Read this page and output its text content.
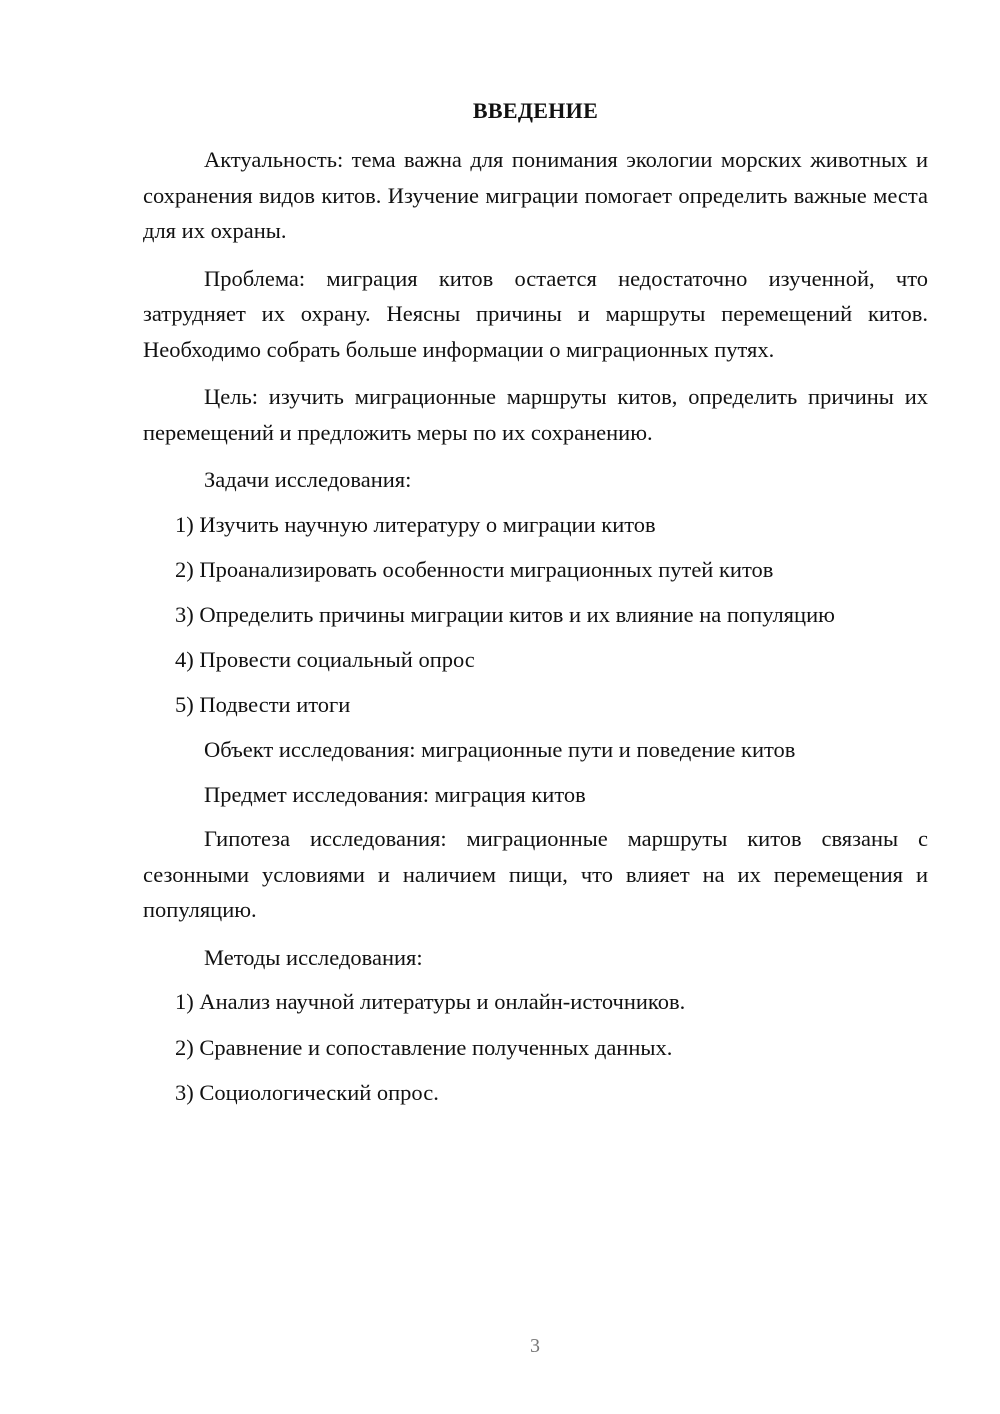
ВВЕДЕНИЕ

Актуальность: тема важна для понимания экологии морских животных и сохранения видов китов. Изучение миграции помогает определить важные места для их охраны.

Проблема: миграция китов остается недостаточно изученной, что затрудняет их охрану. Неясны причины и маршруты перемещений китов. Необходимо собрать больше информации о миграционных путях.

Цель: изучить миграционные маршруты китов, определить причины их перемещений и предложить меры по их сохранению.

Задачи исследования:

1) Изучить научную литературу о миграции китов

2) Проанализировать особенности миграционных путей китов

3) Определить причины миграции китов и их влияние на популяцию

4) Провести социальный опрос

5) Подвести итоги

Объект исследования: миграционные пути и поведение китов

Предмет исследования: миграция китов

Гипотеза исследования: миграционные маршруты китов связаны с сезонными условиями и наличием пищи, что влияет на их перемещения и популяцию.

Методы исследования:

1) Анализ научной литературы и онлайн-источников.

2) Сравнение и сопоставление полученных данных.

3) Социологический опрос.

3
